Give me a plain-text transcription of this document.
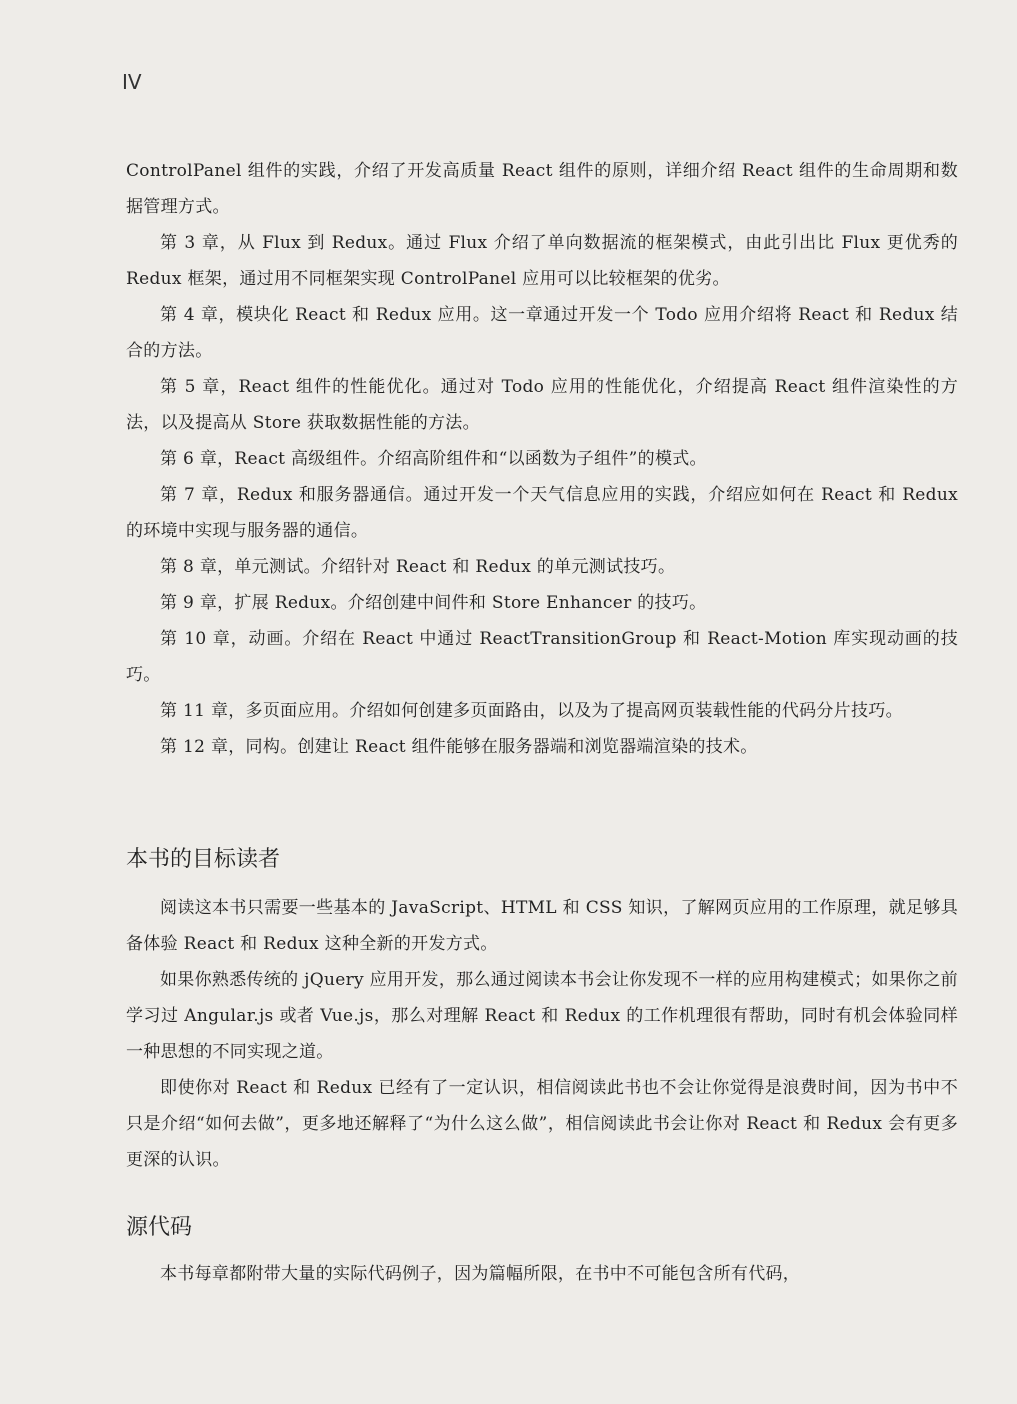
IV

ControlPanel 组件的实践，介绍了开发高质量 React 组件的原则，详细介绍 React 组件的生命周期和数据管理方式。

第 3 章，从 Flux 到 Redux。通过 Flux 介绍了单向数据流的框架模式，由此引出比 Flux 更优秀的 Redux 框架，通过用不同框架实现 ControlPanel 应用可以比较框架的优劣。

第 4 章，模块化 React 和 Redux 应用。这一章通过开发一个 Todo 应用介绍将 React 和 Redux 结合的方法。

第 5 章，React 组件的性能优化。通过对 Todo 应用的性能优化，介绍提高 React 组件渲染性的方法，以及提高从 Store 获取数据性能的方法。

第 6 章，React 高级组件。介绍高阶组件和“以函数为子组件”的模式。

第 7 章，Redux 和服务器通信。通过开发一个天气信息应用的实践，介绍应如何在 React 和 Redux 的环境中实现与服务器的通信。

第 8 章，单元测试。介绍针对 React 和 Redux 的单元测试技巧。

第 9 章，扩展 Redux。介绍创建中间件和 Store Enhancer 的技巧。

第 10 章，动画。介绍在 React 中通过 ReactTransitionGroup 和 React-Motion 库实现动画的技巧。

第 11 章，多页面应用。介绍如何创建多页面路由，以及为了提高网页装载性能的代码分片技巧。

第 12 章，同构。创建让 React 组件能够在服务器端和浏览器端渲染的技术。

本书的目标读者

阅读这本书只需要一些基本的 JavaScript、HTML 和 CSS 知识，了解网页应用的工作原理，就足够具备体验 React 和 Redux 这种全新的开发方式。

如果你熟悉传统的 jQuery 应用开发，那么通过阅读本书会让你发现不一样的应用构建模式；如果你之前学习过 Angular.js 或者 Vue.js，那么对理解 React 和 Redux 的工作机理很有帮助，同时有机会体验同样一种思想的不同实现之道。

即使你对 React 和 Redux 已经有了一定认识，相信阅读此书也不会让你觉得是浪费时间，因为书中不只是介绍“如何去做”，更多地还解释了“为什么这么做”，相信阅读此书会让你对 React 和 Redux 会有更多更深的认识。

源代码

本书每章都附带大量的实际代码例子，因为篇幅所限，在书中不可能包含所有代码，
